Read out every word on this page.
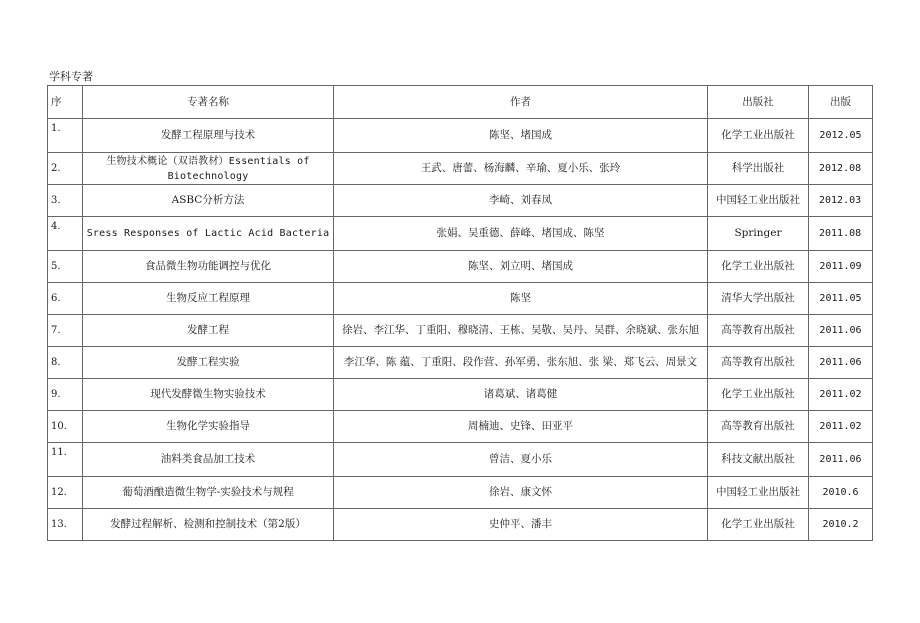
学科专著
序	专著名称	作者	出版社	出版
1.	发酵工程原理与技术	陈坚、堵国成	化学工业出版社	2012.05
2.	生物技术概论（双语教材）Essentials of Biotechnology	王武、唐蕾、杨海麟、辛瑜、夏小乐、张玲	科学出版社	2012.08
3.	ASBC分析方法	李崎、刘春凤	中国轻工业出版社	2012.03
4.	Sress Responses of Lactic Acid Bacteria	张娟、吴重德、薛峰、堵国成、陈坚	Springer	2011.08
5.	食品微生物功能调控与优化	陈坚、刘立明、堵国成	化学工业出版社	2011.09
6.	生物反应工程原理	陈坚	清华大学出版社	2011.05
7.	发酵工程	徐岩、李江华、丁重阳、穆晓清、王栋、吴敬、吴丹、吴群、余晓斌、张东旭	高等教育出版社	2011.06
8.	发酵工程实验	李江华、陈 蕴、丁重阳、段作营、孙军勇、张东旭、张 梁、郑飞云、周景文	高等教育出版社	2011.06
9.	现代发酵微生物实验技术	诸葛斌、诸葛健	化学工业出版社	2011.02
10.	生物化学实验指导	周楠迪、史锋、田亚平	高等教育出版社	2011.02
11.	油料类食品加工技术	曾洁、夏小乐	科技文献出版社	2011.06
12.	葡萄酒酿造微生物学-实验技术与规程	徐岩、康文怀	中国轻工业出版社	2010.6
13.	发酵过程解析、检测和控制技术（第2版）	史仲平、潘丰	化学工业出版社	2010.2
